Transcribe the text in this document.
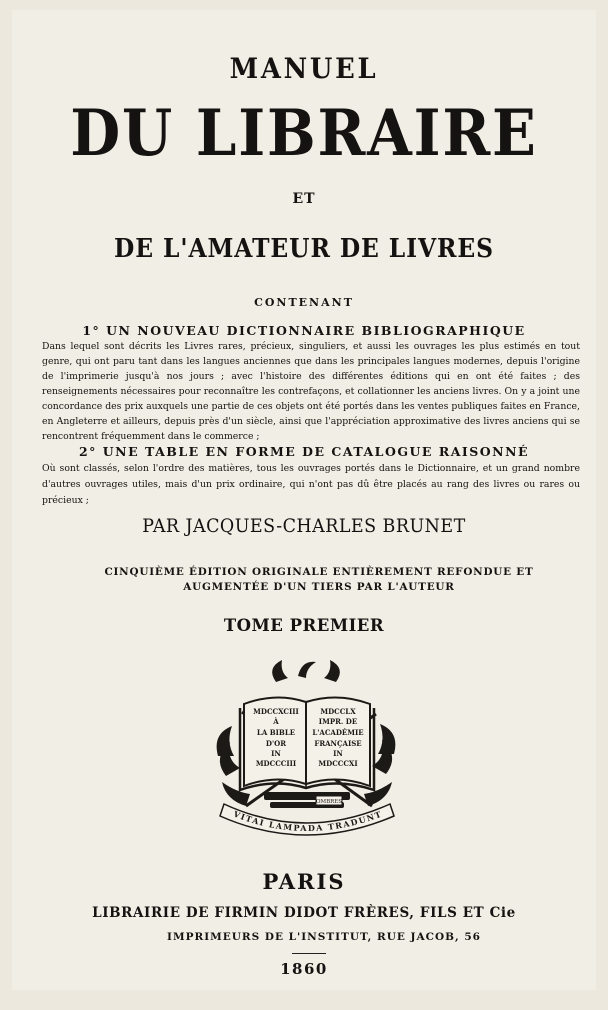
MANUEL
DU LIBRAIRE
ET
DE L'AMATEUR DE LIVRES
CONTENANT
1° UN NOUVEAU DICTIONNAIRE BIBLIOGRAPHIQUE
Dans lequel sont décrits les Livres rares, précieux, singuliers, et aussi les ouvrages les plus estimés en tout genre, qui ont paru tant dans les langues anciennes que dans les principales langues modernes, depuis l'origine de l'imprimerie jusqu'à nos jours ; avec l'histoire des différentes éditions qui en ont été faites ; des renseignements nécessaires pour reconnaître les contrefaçons, et collationner les anciens livres. On y a joint une concordance des prix auxquels une partie de ces objets ont été portés dans les ventes publiques faites en France, en Angleterre et ailleurs, depuis près d'un siècle, ainsi que l'appréciation approximative des livres anciens qui se rencontrent fréquemment dans le commerce ;
2° UNE TABLE EN FORME DE CATALOGUE RAISONNÉ
Où sont classés, selon l'ordre des matières, tous les ouvrages portés dans le Dictionnaire, et un grand nombre d'autres ouvrages utiles, mais d'un prix ordinaire, qui n'ont pas dû être placés au rang des livres ou rares ou précieux ;
PAR JACQUES-CHARLES BRUNET
CINQUIÈME ÉDITION ORIGINALE ENTIÈREMENT REFONDUE ET AUGMENTÉE D'UN TIERS PAR L'AUTEUR
TOME PREMIER
MDCCXCIII
À
LA BIBLE
D'OR
IN
MDCCCIII
MDCCLX
IMPR. DE
L'ACADÉMIE
FRANÇAISE
IN
MDCCCXI
OMBRES
VITAI LAMPADA TRADUNT
PARIS
LIBRAIRIE DE FIRMIN DIDOT FRÈRES, FILS ET Cie
IMPRIMEURS DE L'INSTITUT, RUE JACOB, 56
1860
